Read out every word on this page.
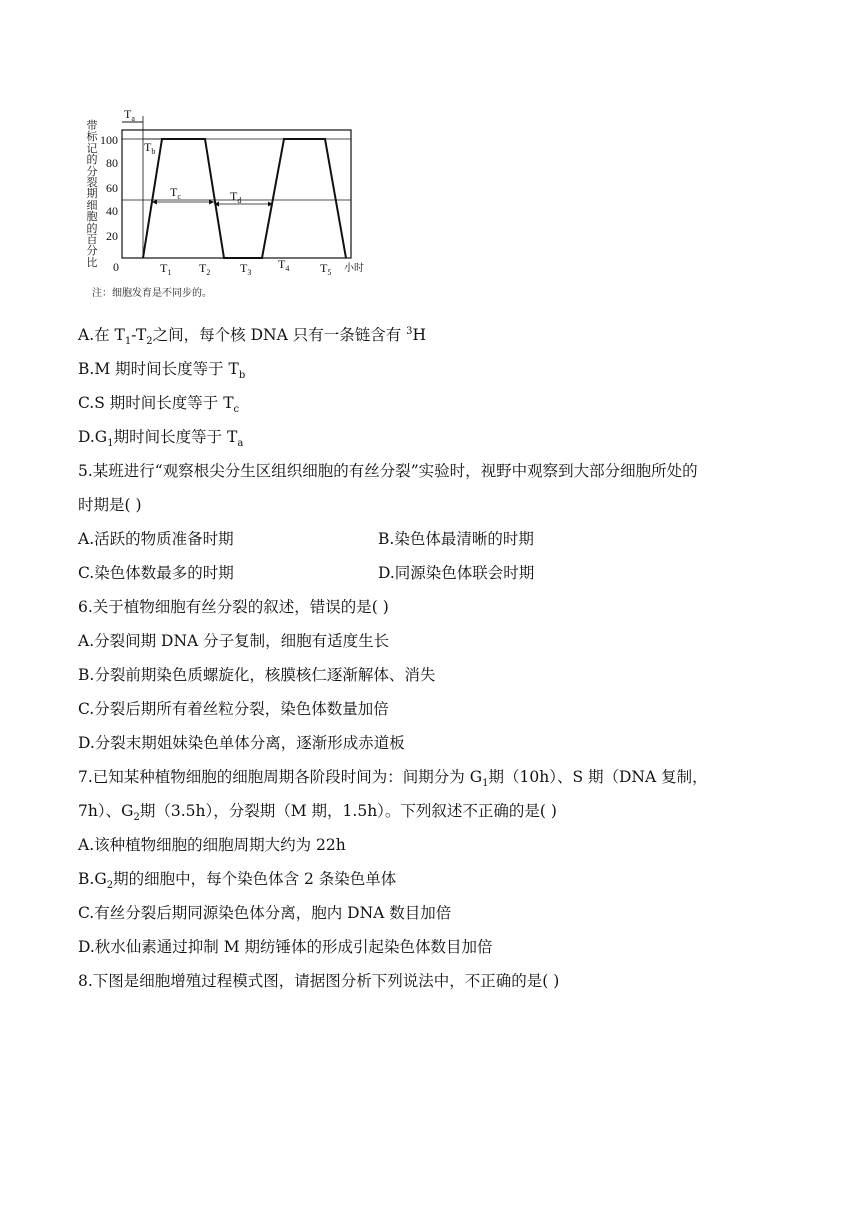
带标记的分裂期细胞的百分比
100
80
60
40
20
0
$T_a$
$T_b$
$T_c$	$T_d$
$T_1$ $T_2$ $T_3$
$T_4$	$T_5$ 小时
注：细胞发育是不同步的。
A.在 $T_1-T_2$之间，每个核 DNA 只有一条链含有 $^3$H
B.M 期时间长度等于 $T_b$
C.S 期时间长度等于 $T_c$
$D.G_1$期时间长度等于 $T_a$
5.某班进行“观察根尖分生区组织细胞的有丝分裂”实验时，视野中观察到大部分细胞所处的
时期是( )
A.活跃的物质准备时期	B.染色体最清晰的时期
C.染色体数最多的时期	D.同源染色体联会时期
6.关于植物细胞有丝分裂的叙述，错误的是( )
A.分裂间期 DNA 分子复制，细胞有适度生长
B.分裂前期染色质螺旋化，核膜核仁逐渐解体、消失
C.分裂后期所有着丝粒分裂，染色体数量加倍
D.分裂末期姐妹染色单体分离，逐渐形成赤道板
7.已知某种植物细胞的细胞周期各阶段时间为：间期分为 $G_1$期（10h）、S 期（DNA 复制，
7h）、$G_2$期（3.5h），分裂期（M 期，1.5h）。下列叙述不正确的是( )
A.该种植物细胞的细胞周期大约为 22h
$B.G_2$期的细胞中，每个染色体含 2 条染色单体
C.有丝分裂后期同源染色体分离，胞内 DNA 数目加倍
D.秋水仙素通过抑制 M 期纺锤体的形成引起染色体数目加倍
8.下图是细胞增殖过程模式图，请据图分析下列说法中，不正确的是( )
